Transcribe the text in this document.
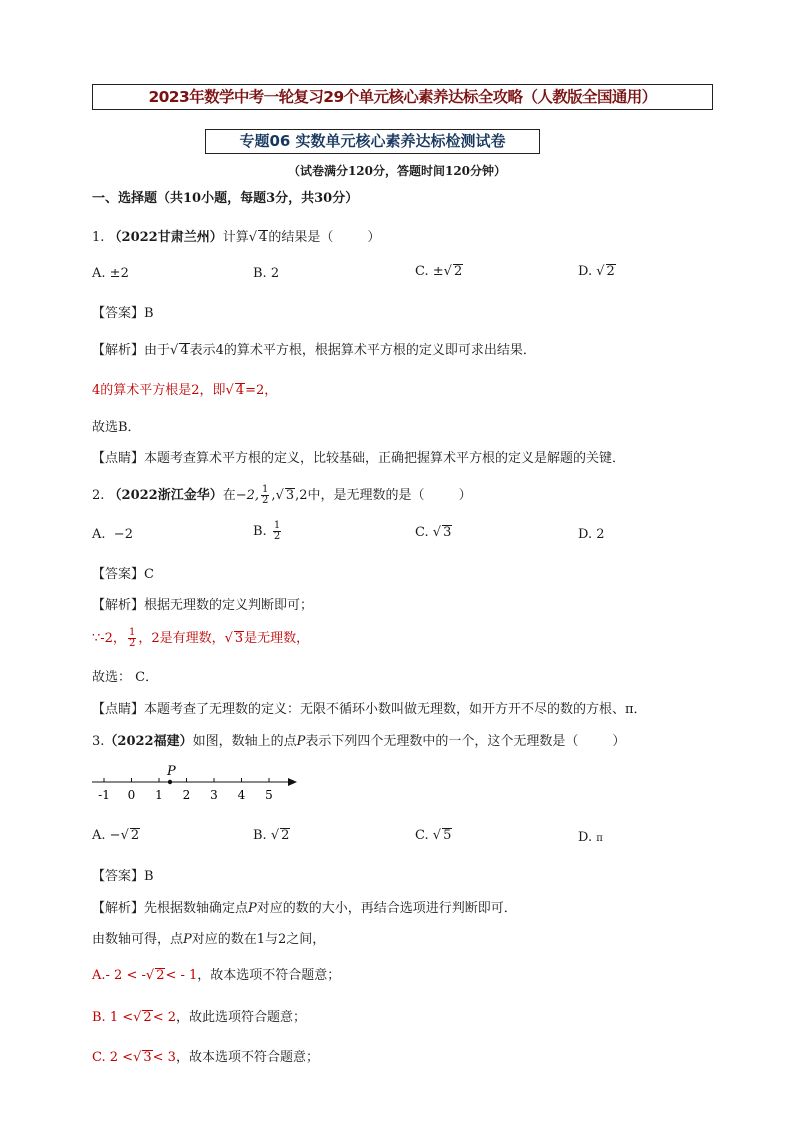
2023年数学中考一轮复习29个单元核心素养达标全攻略（人教版全国通用）
专题06 实数单元核心素养达标检测试卷
（试卷满分120分，答题时间120分钟）
一、选择题（共10小题，每题3分，共30分）
1. （2022甘肃兰州）计算√ 4的结果是（	）
A. ±2	B. 2	C. ±√ 2	D. √ 2
【答案】B
【解析】由于√ 4表示4的算术平方根，根据算术平方根的定义即可求出结果．
4的算术平方根是2，即√ 4=2，
故选B．
【点睛】本题考查算术平方根的定义，比较基础，正确把握算术平方根的定义是解题的关键．
2. （2022浙江金华）在−2, $\frac{1}{2}$ ,√ 3,2中，是无理数的是（	）
A. −2	B. $\frac{1}{2}$	C. √ 3	D. 2
【答案】C
【解析】根据无理数的定义判断即可；
∵-2， $\frac{1}{2}$ ，2是有理数，√ 3是无理数，
故选： C．
【点睛】本题考查了无理数的定义：无限不循环小数叫做无理数，如开方开不尽的数的方根、π．
3.（2022福建）如图，数轴上的点P表示下列四个无理数中的一个，这个无理数是（	）
-1 0 1 2 3 4 5
P
A. −√ 2	B. √ 2	C. √ 5	D. π
【答案】B
【解析】先根据数轴确定点P对应的数的大小，再结合选项进行判断即可．
由数轴可得，点P对应的数在1与2之间，
A.- 2 < -√ 2< - 1，故本选项不符合题意；
B. 1 <√ 2< 2，故此选项符合题意；
C. 2 <√ 3< 3，故本选项不符合题意；
